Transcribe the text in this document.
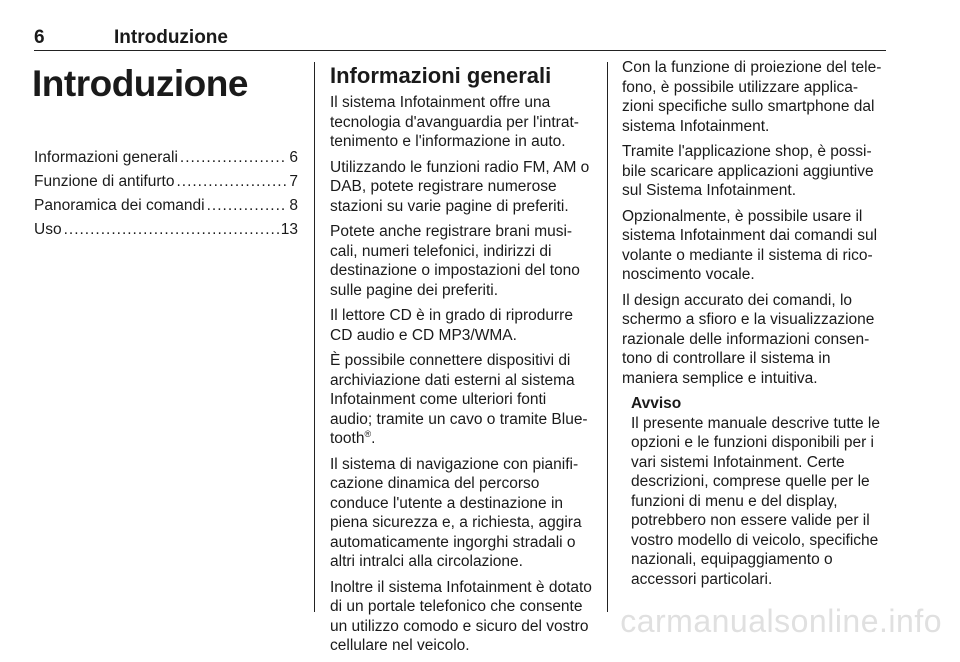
6	Introduzione
Introduzione
Informazioni generali .....	6
Funzione di antifurto .....	7
Panoramica dei comandi .....	8
Uso .....	13
Informazioni generali

Il sistema Infotainment offre una tecnologia d'avanguardia per l'intrat-tenimento e l'informazione in auto.

Utilizzando le funzioni radio FM, AM o DAB, potete registrare numerose stazioni su varie pagine di preferiti.

Potete anche registrare brani musi-cali, numeri telefonici, indirizzi di destinazione o impostazioni del tono sulle pagine dei preferiti.

Il lettore CD è in grado di riprodurre CD audio e CD MP3/WMA.

È possibile connettere dispositivi di archiviazione dati esterni al sistema Infotainment come ulteriori fonti audio; tramite un cavo o tramite Blue-tooth®.

Il sistema di navigazione con pianifi-cazione dinamica del percorso conduce l'utente a destinazione in piena sicurezza e, a richiesta, aggira automaticamente ingorghi stradali o altri intralci alla circolazione.

Inoltre il sistema Infotainment è dotato di un portale telefonico che consente un utilizzo comodo e sicuro del vostro cellulare nel veicolo.

Con la funzione di proiezione del tele-fono, è possibile utilizzare applica-zioni specifiche sullo smartphone dal sistema Infotainment.

Tramite l'applicazione shop, è possi-bile scaricare applicazioni aggiuntive sul Sistema Infotainment.

Opzionalmente, è possibile usare il sistema Infotainment dai comandi sul volante o mediante il sistema di rico-noscimento vocale.

Il design accurato dei comandi, lo schermo a sfioro e la visualizzazione razionale delle informazioni consen-tono di controllare il sistema in maniera semplice e intuitiva.

Avviso

Il presente manuale descrive tutte le opzioni e le funzioni disponibili per i vari sistemi Infotainment. Certe descrizioni, comprese quelle per le funzioni di menu e del display, potrebbero non essere valide per il vostro modello di veicolo, specifiche nazionali, equipaggiamento o accessori particolari.

carmanualsonline.info
